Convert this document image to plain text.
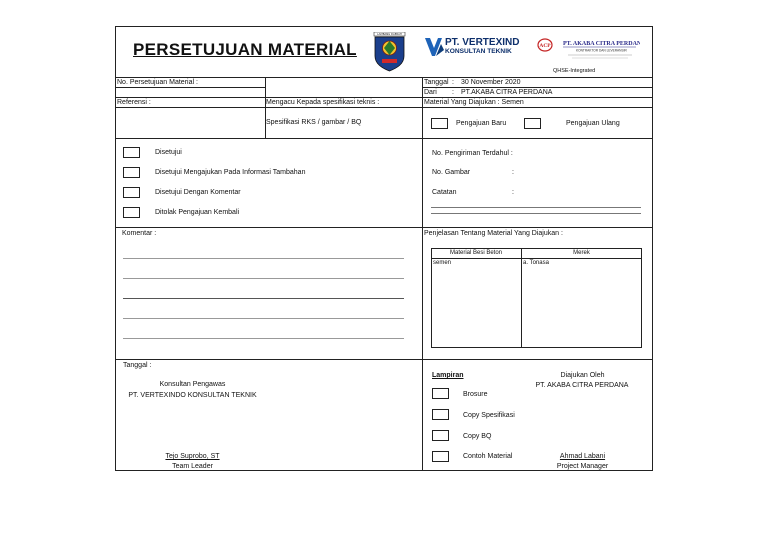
PERSETUJUAN MATERIAL
LAMBANG DAERAH
PT. VERTEXINDO
KONSULTAN TEKNIK
ACP PT. AKABA CITRA PERDANA
KONTRAKTOR DAN LEVERANSIR
QHSE-Integrated
No. Persetujuan Material :	Tanggal : 30 November 2020
Dari : PT.AKABA CITRA PERDANA
Referensi :	Mengacu Kepada spesifikasi teknis :	Material Yang Diajukan : Semen
Spesifikasi RKS / gambar / BQ	Pengajuan Baru	Pengajuan Ulang
Disetujui
Disetujui Mengajukan Pada Informasi Tambahan
Disetujui Dengan Komentar
Ditolak Pengajuan Kembali
No. Pengiriman Terdahul :
No. Gambar	:
Catatan	:
Komentar :	Penjelasan Tentang Material Yang Diajukan :
Material Besi Beton	Merek
semen	a. Tonasa
Tanggal :
Konsultan Pengawas
PT. VERTEXINDO KONSULTAN TEKNIK
Tejo Suprobo, ST
Team Leader
Lampiran	Diajukan Oleh
PT. AKABA CITRA PERDANA
Brosure
Copy Spesifikasi
Copy BQ
Contoh Material	Ahmad Labani
Project Manager
